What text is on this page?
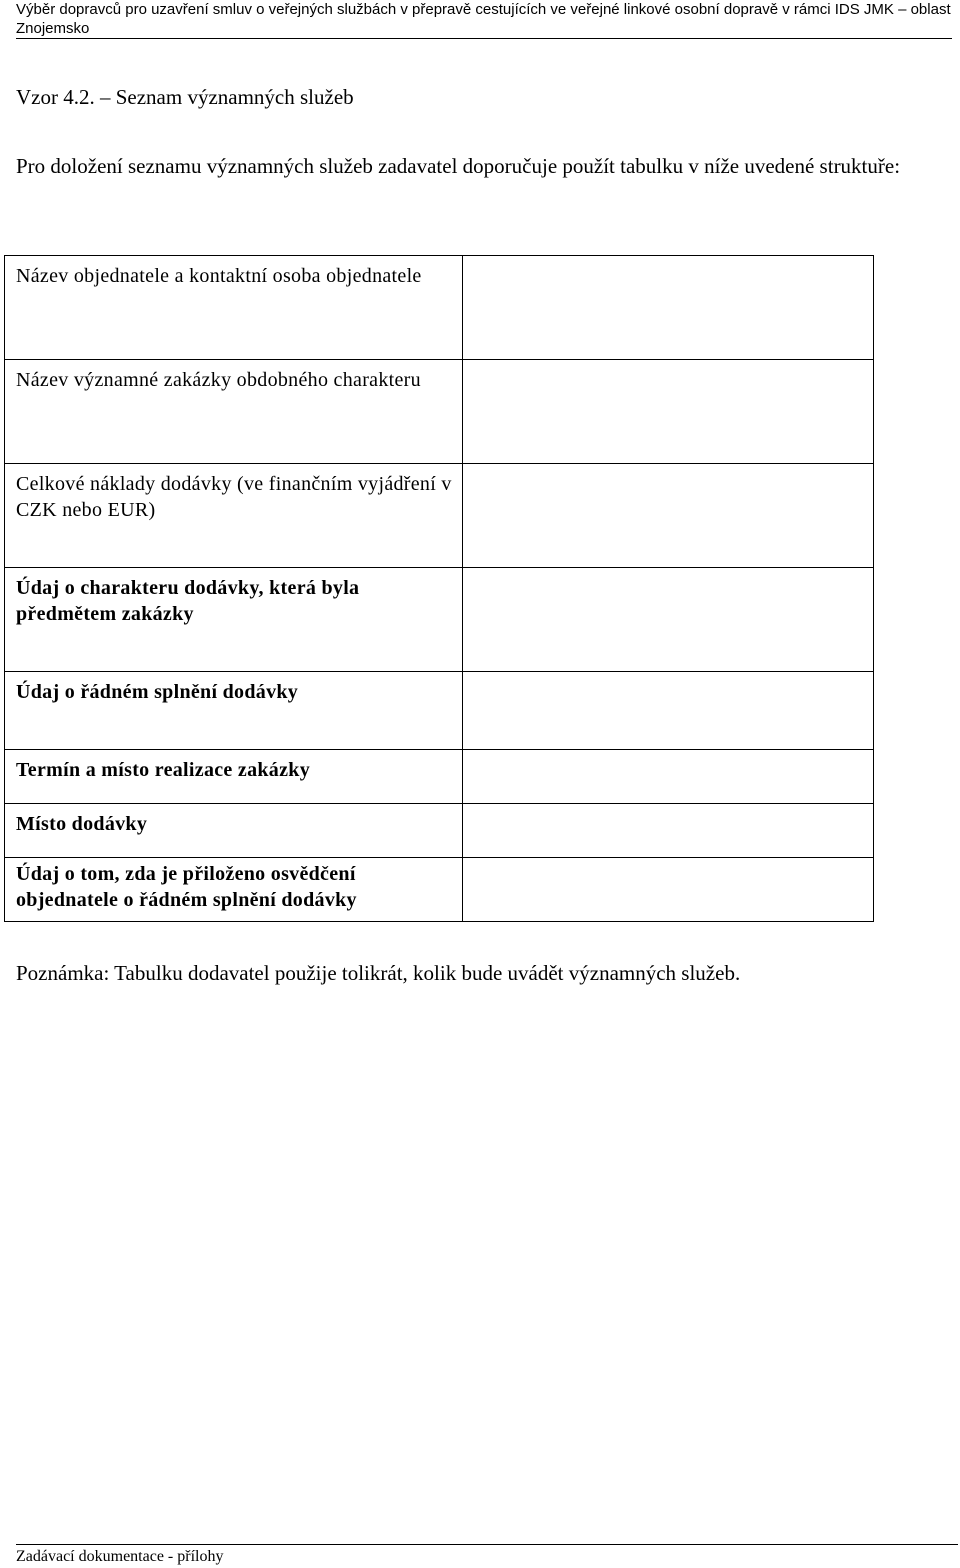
Výběr dopravců pro uzavření smluv o veřejných službách v přepravě cestujících ve veřejné linkové osobní dopravě v rámci IDS JMK – oblast Znojemsko
Vzor 4.2. – Seznam významných služeb
Pro doložení seznamu významných služeb zadavatel doporučuje použít tabulku v níže uvedené struktuře:
Název objednatele a kontaktní osoba objednatele	
Název významné zakázky obdobného charakteru	
Celkové náklady dodávky (ve finančním vyjádření v CZK nebo EUR)	
Údaj o charakteru dodávky, která byla předmětem zakázky	
Údaj o řádném splnění dodávky	
Termín a místo realizace zakázky	
Místo dodávky	
Údaj o tom, zda je přiloženo osvědčení objednatele o řádném splnění dodávky	
Poznámka: Tabulku dodavatel použije tolikrát, kolik bude uvádět významných služeb.
Zadávací dokumentace - přílohy
